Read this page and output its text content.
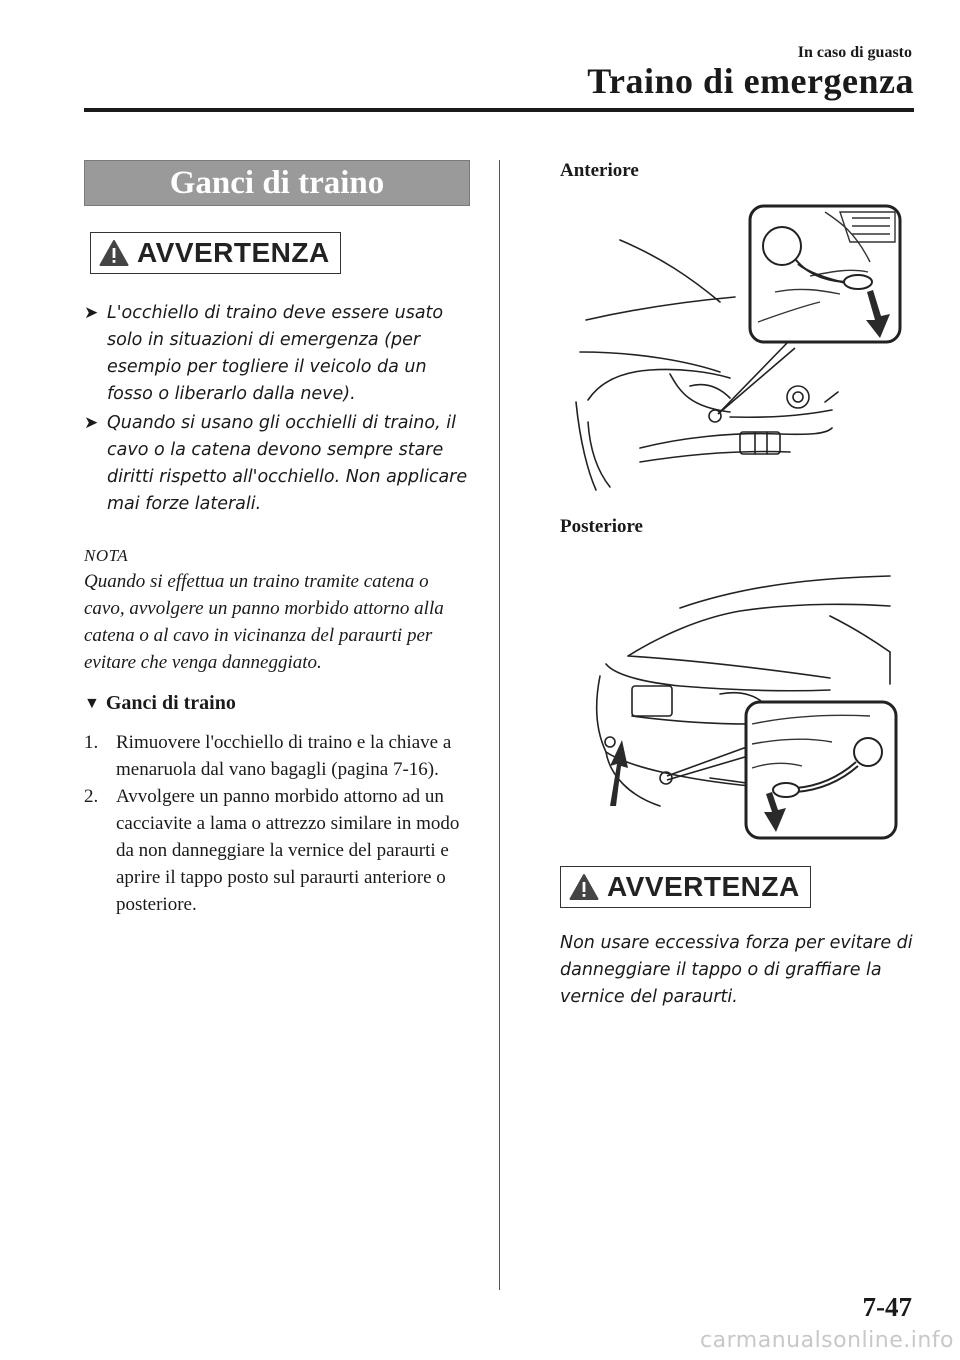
In caso di guasto
Traino di emergenza
Ganci di traino
AVVERTENZA
➤ L'occhiello di traino deve essere usato solo in situazioni di emergenza (per esempio per togliere il veicolo da un fosso o liberarlo dalla neve).
➤ Quando si usano gli occhielli di traino, il cavo o la catena devono sempre stare diritti rispetto all'occhiello. Non applicare mai forze laterali.
NOTA
Quando si effettua un traino tramite catena o cavo, avvolgere un panno morbido attorno alla catena o al cavo in vicinanza del paraurti per evitare che venga danneggiato.
▼ Ganci di traino
1. Rimuovere l'occhiello di traino e la chiave a menaruola dal vano bagagli (pagina 7-16).
2. Avvolgere un panno morbido attorno ad un cacciavite a lama o attrezzo similare in modo da non danneggiare la vernice del paraurti e aprire il tappo posto sul paraurti anteriore o posteriore.
Anteriore
Posteriore
AVVERTENZA
Non usare eccessiva forza per evitare di danneggiare il tappo o di graffiare la vernice del paraurti.
7-47
carmanualsonline.info
